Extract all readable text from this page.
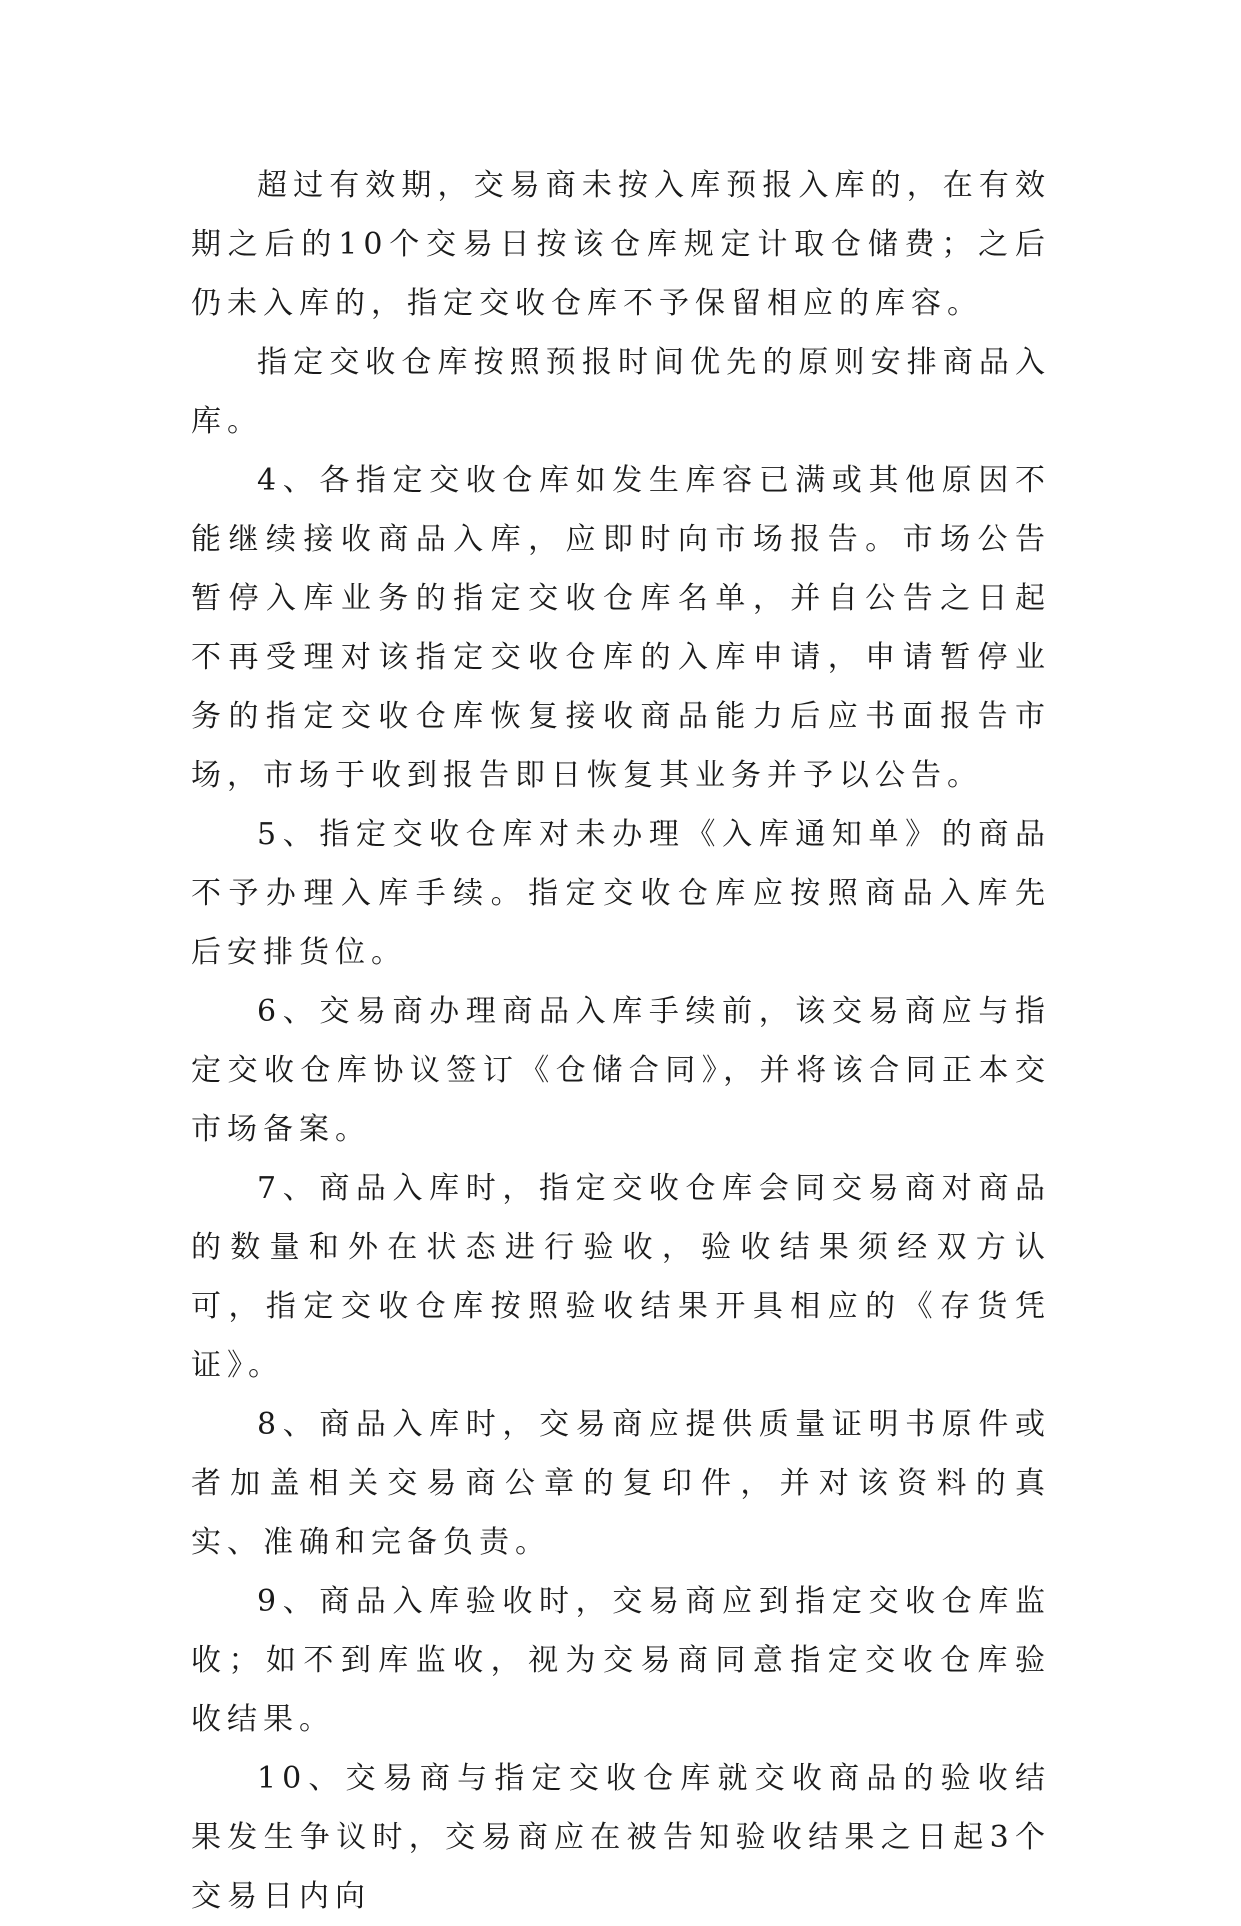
超过有效期，交易商未按入库预报入库的，在有效期之后的10个交易日按该仓库规定计取仓储费；之后仍未入库的，指定交收仓库不予保留相应的库容。

指定交收仓库按照预报时间优先的原则安排商品入库。

4、各指定交收仓库如发生库容已满或其他原因不能继续接收商品入库，应即时向市场报告。市场公告暂停入库业务的指定交收仓库名单，并自公告之日起不再受理对该指定交收仓库的入库申请，申请暂停业务的指定交收仓库恢复接收商品能力后应书面报告市场，市场于收到报告即日恢复其业务并予以公告。

5、指定交收仓库对未办理《入库通知单》的商品不予办理入库手续。指定交收仓库应按照商品入库先后安排货位。

6、交易商办理商品入库手续前，该交易商应与指定交收仓库协议签订《仓储合同》，并将该合同正本交市场备案。

7、商品入库时，指定交收仓库会同交易商对商品的数量和外在状态进行验收，验收结果须经双方认可，指定交收仓库按照验收结果开具相应的《存货凭证》。

8、商品入库时，交易商应提供质量证明书原件或者加盖相关交易商公章的复印件，并对该资料的真实、准确和完备负责。

9、商品入库验收时，交易商应到指定交收仓库监收；如不到库监收，视为交易商同意指定交收仓库验收结果。

10、交易商与指定交收仓库就交收商品的验收结果发生争议时，交易商应在被告知验收结果之日起3个交易日内向
